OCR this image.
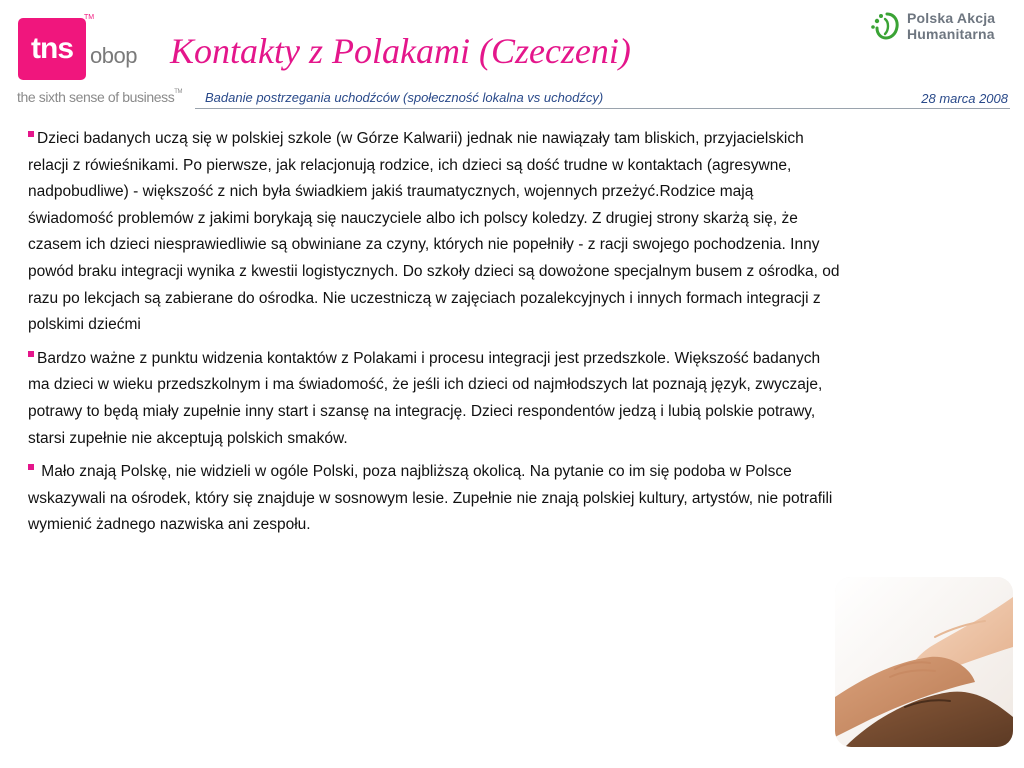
tns
TM
obop
the sixth sense of business™
Kontakty z Polakami (Czeczeni)
Polska Akcja
Humanitarna
Badanie postrzegania uchodźców (społeczność lokalna vs uchodźcy)	28 marca 2008

Dzieci badanych uczą się w polskiej szkole (w Górze Kalwarii) jednak nie nawiązały tam bliskich, przyjacielskich relacji z rówieśnikami. Po pierwsze, jak relacjonują rodzice, ich dzieci są dość trudne w kontaktach (agresywne, nadpobudliwe) - większość z nich była świadkiem jakiś traumatycznych, wojennych przeżyć.Rodzice mają świadomość problemów z jakimi borykają się nauczyciele albo ich polscy koledzy. Z drugiej strony skarżą się, że czasem ich dzieci niesprawiedliwie są obwiniane za czyny, których nie popełniły - z racji swojego pochodzenia. Inny powód braku integracji wynika z kwestii logistycznych. Do szkoły dzieci są dowożone specjalnym busem z ośrodka, od razu po lekcjach są zabierane do ośrodka. Nie uczestniczą w zajęciach pozalekcyjnych i innych formach integracji z polskimi dziećmi

Bardzo ważne z punktu widzenia kontaktów z Polakami i procesu integracji jest przedszkole. Większość badanych ma dzieci w wieku przedszkolnym i ma świadomość, że jeśli ich dzieci od najmłodszych lat poznają język, zwyczaje, potrawy to będą miały zupełnie inny start i szansę na integrację. Dzieci respondentów jedzą i lubią polskie potrawy, starsi zupełnie nie akceptują polskich smaków.

Mało znają Polskę, nie widzieli w ogóle Polski, poza najbliższą okolicą. Na pytanie co im się podoba w Polsce wskazywali na ośrodek, który się znajduje w sosnowym lesie. Zupełnie nie znają polskiej kultury, artystów, nie potrafili wymienić żadnego nazwiska ani zespołu.
